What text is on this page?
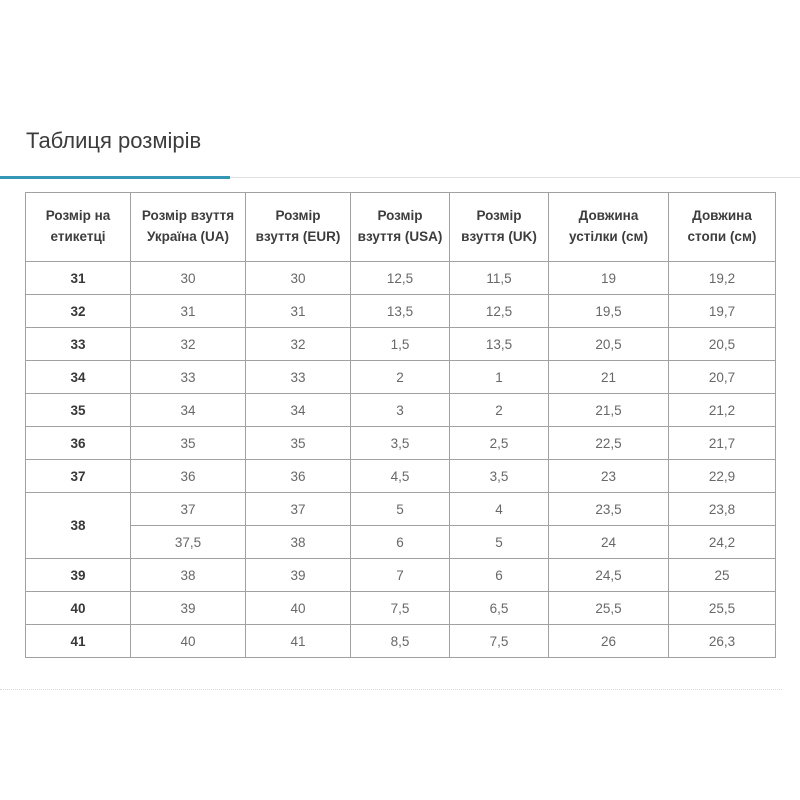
Таблиця розмірів
Розмір на етикетці	Розмір взуття Україна (UA)	Розмір взуття (EUR)	Розмір взуття (USA)	Розмір взуття (UK)	Довжина устілки (см)	Довжина стопи (см)
31	30	30	12,5	11,5	19	19,2
32	31	31	13,5	12,5	19,5	19,7
33	32	32	1,5	13,5	20,5	20,5
34	33	33	2	1	21	20,7
35	34	34	3	2	21,5	21,2
36	35	35	3,5	2,5	22,5	21,7
37	36	36	4,5	3,5	23	22,9
38	37	37	5	4	23,5	23,8
	37,5	38	6	5	24	24,2
39	38	39	7	6	24,5	25
40	39	40	7,5	6,5	25,5	25,5
41	40	41	8,5	7,5	26	26,3
